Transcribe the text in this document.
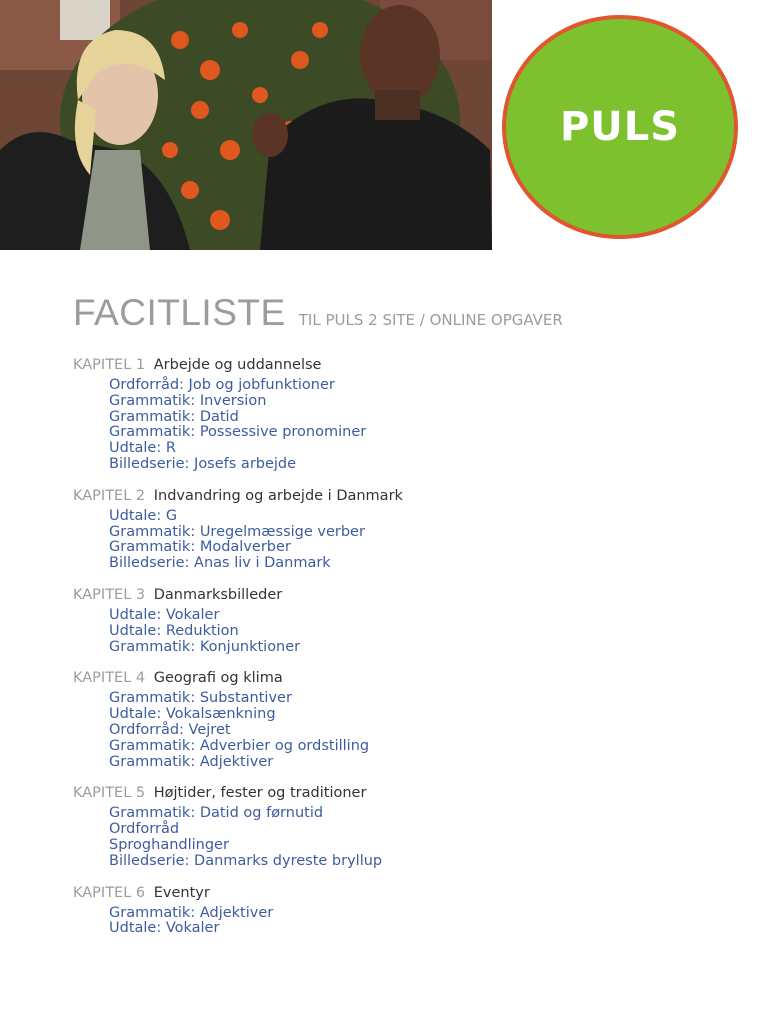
PULS
FACITLISTE TIL PULS 2 SITE / ONLINE OPGAVER
KAPITEL 1 Arbejde og uddannelse
Ordforråd: Job og jobfunktioner
Grammatik: Inversion
Grammatik: Datid
Grammatik: Possessive pronominer
Udtale: R
Billedserie: Josefs arbejde
KAPITEL 2 Indvandring og arbejde i Danmark
Udtale: G
Grammatik: Uregelmæssige verber
Grammatik: Modalverber
Billedserie: Anas liv i Danmark
KAPITEL 3 Danmarksbilleder
Udtale: Vokaler
Udtale: Reduktion
Grammatik: Konjunktioner
KAPITEL 4 Geografi og klima
Grammatik: Substantiver
Udtale: Vokalsænkning
Ordforråd: Vejret
Grammatik: Adverbier og ordstilling
Grammatik: Adjektiver
KAPITEL 5 Højtider, fester og traditioner
Grammatik: Datid og førnutid
Ordforråd
Sproghandlinger
Billedserie: Danmarks dyreste bryllup
KAPITEL 6 Eventyr
Grammatik: Adjektiver
Udtale: Vokaler
